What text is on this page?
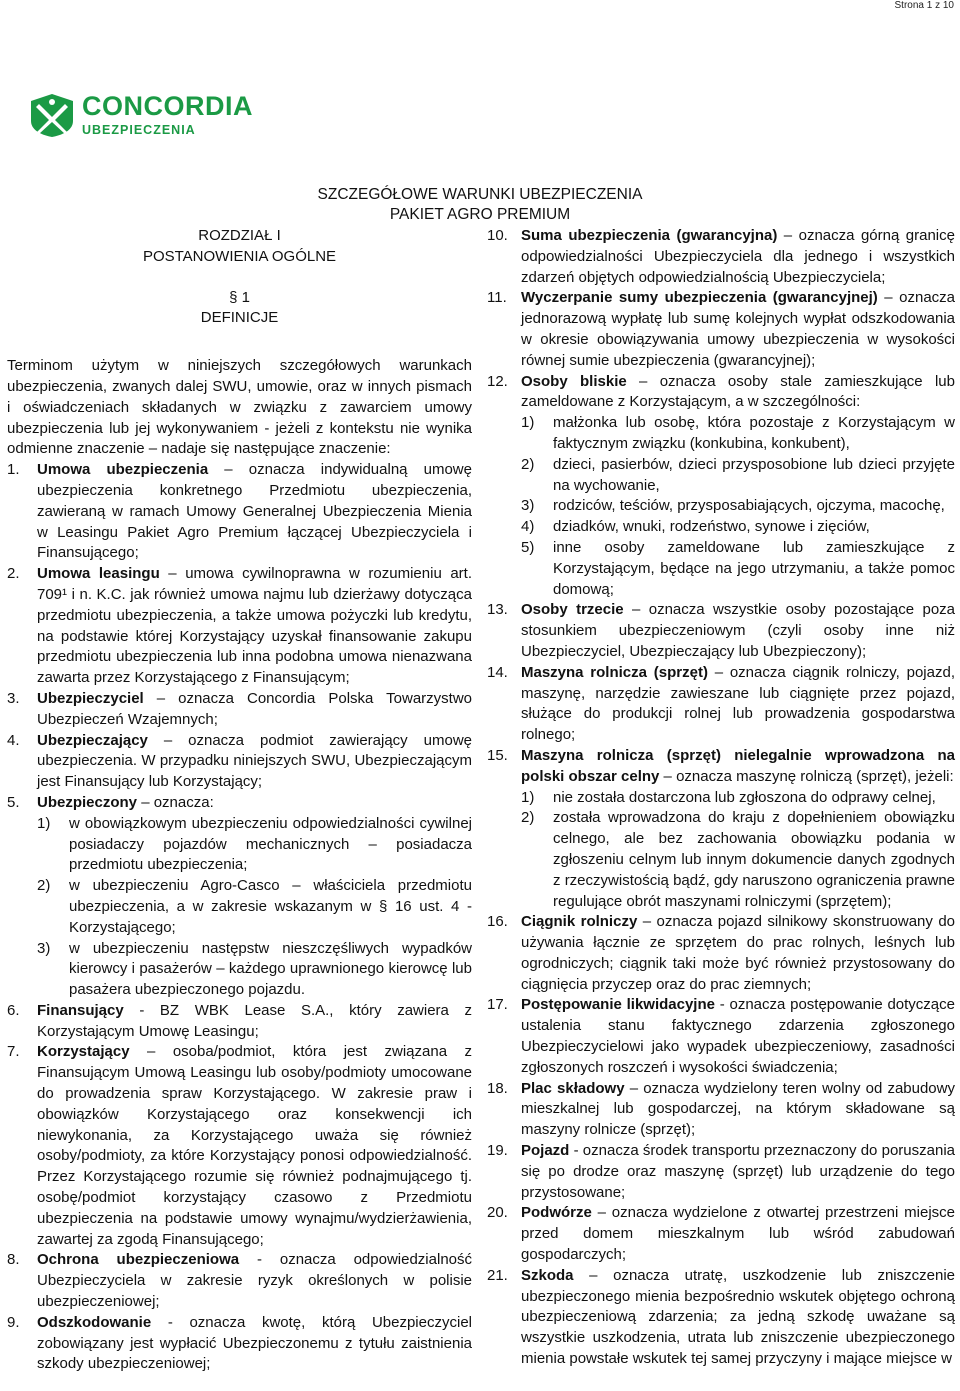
Strona 1 z 10
CONCORDIA
UBEZPIECZENIA
SZCZEGÓŁOWE WARUNKI UBEZPIECZENIA
PAKIET AGRO PREMIUM
ROZDZIAŁ I
POSTANOWIENIA OGÓLNE
§ 1
DEFINICJE

Terminom użytym w niniejszych szczegółowych warunkach ubezpieczenia, zwanych dalej SWU, umowie, oraz w innych pismach i oświadczeniach składanych w związku z zawarciem umowy ubezpieczenia lub jej wykonywaniem - jeżeli z kontekstu nie wynika odmienne znaczenie – nadaje się następujące znaczenie:

1.	Umowa ubezpieczenia – oznacza indywidualną umowę ubezpieczenia konkretnego Przedmiotu ubezpieczenia, zawieraną w ramach Umowy Generalnej Ubezpieczenia Mienia w Leasingu Pakiet Agro Premium łączącej Ubezpieczyciela i Finansującego;
2.	Umowa leasingu – umowa cywilnoprawna w rozumieniu art. 709¹ i n. K.C. jak również umowa najmu lub dzierżawy dotycząca przedmiotu ubezpieczenia, a także umowa pożyczki lub kredytu, na podstawie której Korzystający uzyskał finansowanie zakupu przedmiotu ubezpieczenia lub inna podobna umowa nienazwana zawarta przez Korzystającego z Finansującym;
3.	Ubezpieczyciel – oznacza Concordia Polska Towarzystwo Ubezpieczeń Wzajemnych;
4.	Ubezpieczający – oznacza podmiot zawierający umowę ubezpieczenia. W przypadku niniejszych SWU, Ubezpieczającym jest Finansujący lub Korzystający;
5.	Ubezpieczony – oznacza:
1)	w obowiązkowym ubezpieczeniu odpowiedzialności cywilnej posiadaczy pojazdów mechanicznych – posiadacza przedmiotu ubezpieczenia;
2)	w ubezpieczeniu Agro-Casco – właściciela przedmiotu ubezpieczenia, a w zakresie wskazanym w § 16 ust. 4 - Korzystającego;
3)	w ubezpieczeniu następstw nieszczęśliwych wypadków kierowcy i pasażerów – każdego uprawnionego kierowcę lub pasażera ubezpieczonego pojazdu.
6.	Finansujący - BZ WBK Lease S.A., który zawiera z Korzystającym Umowę Leasingu;
7.	Korzystający – osoba/podmiot, która jest związana z Finansującym Umową Leasingu lub osoby/podmioty umocowane do prowadzenia spraw Korzystającego. W zakresie praw i obowiązków Korzystającego oraz konsekwencji ich niewykonania, za Korzystającego uważa się również osoby/podmioty, za które Korzystający ponosi odpowiedzialność. Przez Korzystającego rozumie się również podnajmującego tj. osobę/podmiot korzystający czasowo z Przedmiotu ubezpieczenia na podstawie umowy wynajmu/wydzierżawienia, zawartej za zgodą Finansującego;
8.	Ochrona ubezpieczeniowa - oznacza odpowiedzialność Ubezpieczyciela w zakresie ryzyk określonych w polisie ubezpieczeniowej;
9.	Odszkodowanie - oznacza kwotę, którą Ubezpieczyciel zobowiązany jest wypłacić Ubezpieczonemu z tytułu zaistnienia szkody ubezpieczeniowej;
10. Suma ubezpieczenia (gwarancyjna) – oznacza górną granicę odpowiedzialności Ubezpieczyciela dla jednego i wszystkich zdarzeń objętych odpowiedzialnością Ubezpieczyciela;
11. Wyczerpanie sumy ubezpieczenia (gwarancyjnej) – oznacza jednorazową wypłatę lub sumę kolejnych wypłat odszkodowania w okresie obowiązywania umowy ubezpieczenia w wysokości równej sumie ubezpieczenia (gwarancyjnej);
12. Osoby bliskie – oznacza osoby stale zamieszkujące lub zameldowane z Korzystającym, a w szczególności:
1)	małżonka lub osobę, która pozostaje z Korzystającym w faktycznym związku (konkubina, konkubent),
2)	dzieci, pasierbów, dzieci przysposobione lub dzieci przyjęte na wychowanie,
3)	rodziców, teściów, przysposabiających, ojczyma, macochę,
4)	dziadków, wnuki, rodzeństwo, synowe i zięciów,
5)	inne osoby zameldowane lub zamieszkujące z Korzystającym, będące na jego utrzymaniu, a także pomoc domową;
13. Osoby trzecie – oznacza wszystkie osoby pozostające poza stosunkiem ubezpieczeniowym (czyli osoby inne niż Ubezpieczyciel, Ubezpieczający lub Ubezpieczony);
14. Maszyna rolnicza (sprzęt) – oznacza ciągnik rolniczy, pojazd, maszynę, narzędzie zawieszane lub ciągnięte przez pojazd, służące do produkcji rolnej lub prowadzenia gospodarstwa rolnego;
15. Maszyna rolnicza (sprzęt) nielegalnie wprowadzona na polski obszar celny – oznacza maszynę rolniczą (sprzęt), jeżeli:
1)	nie została dostarczona lub zgłoszona do odprawy celnej,
2)	została wprowadzona do kraju z dopełnieniem obowiązku celnego, ale bez zachowania obowiązku podania w zgłoszeniu celnym lub innym dokumencie danych zgodnych z rzeczywistością bądź, gdy naruszono ograniczenia prawne regulujące obrót maszynami rolniczymi (sprzętem);
16. Ciągnik rolniczy – oznacza pojazd silnikowy skonstruowany do używania łącznie ze sprzętem do prac rolnych, leśnych lub ogrodniczych; ciągnik taki może być również przystosowany do ciągnięcia przyczep oraz do prac ziemnych;
17. Postępowanie likwidacyjne - oznacza postępowanie dotyczące ustalenia stanu faktycznego zdarzenia zgłoszonego Ubezpieczycielowi jako wypadek ubezpieczeniowy, zasadności zgłoszonych roszczeń i wysokości świadczenia;
18. Plac składowy – oznacza wydzielony teren wolny od zabudowy mieszkalnej lub gospodarczej, na którym składowane są maszyny rolnicze (sprzęt);
19. Pojazd - oznacza środek transportu przeznaczony do poruszania się po drodze oraz maszynę (sprzęt) lub urządzenie do tego przystosowane;
20. Podwórze – oznacza wydzielone z otwartej przestrzeni miejsce przed domem mieszkalnym lub wśród zabudowań gospodarczych;
21. Szkoda – oznacza utratę, uszkodzenie lub zniszczenie ubezpieczonego mienia bezpośrednio wskutek objętego ochroną ubezpieczeniową zdarzenia; za jedną szkodę uważane są wszystkie uszkodzenia, utrata lub zniszczenie ubezpieczonego mienia powstałe wskutek tej samej przyczyny i mające miejsce w
